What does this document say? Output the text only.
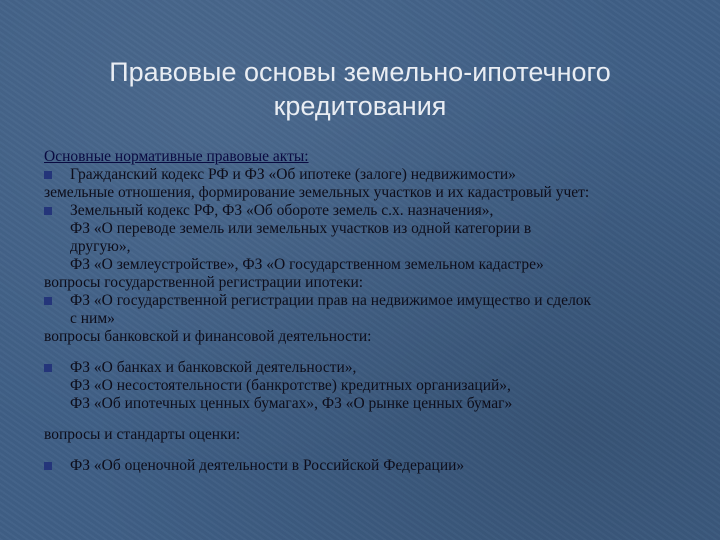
Правовые основы земельно-ипотечного
кредитования
Основные нормативные правовые акты:
Гражданский кодекс РФ и ФЗ «Об ипотеке (залоге) недвижимости»
земельные отношения, формирование земельных участков и их кадастровый учет:
Земельный кодекс РФ, ФЗ «Об обороте земель с.х. назначения»,
ФЗ «О переводе земель или земельных участков из одной категории в
другую»,
ФЗ «О землеустройстве», ФЗ «О государственном земельном кадастре»
вопросы государственной регистрации ипотеки:
ФЗ «О государственной регистрации прав на недвижимое имущество и сделок
с ним»
вопросы банковской и финансовой деятельности:
ФЗ «О банках и банковской деятельности»,
ФЗ «О несостоятельности (банкротстве) кредитных организаций»,
ФЗ «Об ипотечных ценных бумагах», ФЗ «О рынке ценных бумаг»
вопросы и стандарты оценки:
ФЗ «Об оценочной деятельности в Российской Федерации»
